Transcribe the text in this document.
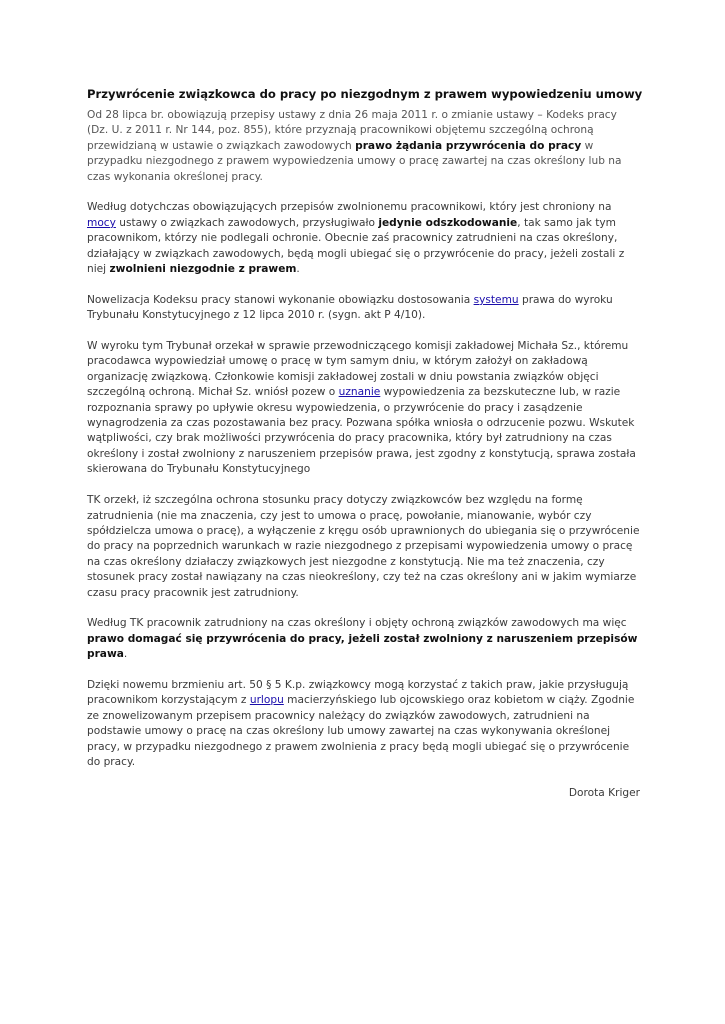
Przywrócenie związkowca do pracy po niezgodnym z prawem wypowiedzeniu umowy

Od 28 lipca br. obowiązują przepisy ustawy z dnia 26 maja 2011 r. o zmianie ustawy – Kodeks pracy (Dz. U. z 2011 r. Nr 144, poz. 855), które przyznają pracownikowi objętemu szczególną ochroną przewidzianą w ustawie o związkach zawodowych prawo żądania przywrócenia do pracy w przypadku niezgodnego z prawem wypowiedzenia umowy o pracę zawartej na czas określony lub na czas wykonania określonej pracy.

Według dotychczas obowiązujących przepisów zwolnionemu pracownikowi, który jest chroniony na mocy ustawy o związkach zawodowych, przysługiwało jedynie odszkodowanie, tak samo jak tym pracownikom, którzy nie podlegali ochronie. Obecnie zaś pracownicy zatrudnieni na czas określony, działający w związkach zawodowych, będą mogli ubiegać się o przywrócenie do pracy, jeżeli zostali z niej zwolnieni niezgodnie z prawem.

Nowelizacja Kodeksu pracy stanowi wykonanie obowiązku dostosowania systemu prawa do wyroku Trybunału Konstytucyjnego z 12 lipca 2010 r. (sygn. akt P 4/10).

W wyroku tym Trybunał orzekał w sprawie przewodniczącego komisji zakładowej Michała Sz., któremu pracodawca wypowiedział umowę o pracę w tym samym dniu, w którym założył on zakładową organizację związkową. Członkowie komisji zakładowej zostali w dniu powstania związków objęci szczególną ochroną. Michał Sz. wniósł pozew o uznanie wypowiedzenia za bezskuteczne lub, w razie rozpoznania sprawy po upływie okresu wypowiedzenia, o przywrócenie do pracy i zasądzenie wynagrodzenia za czas pozostawania bez pracy. Pozwana spółka wniosła o odrzucenie pozwu. Wskutek wątpliwości, czy brak możliwości przywrócenia do pracy pracownika, który był zatrudniony na czas określony i został zwolniony z naruszeniem przepisów prawa, jest zgodny z konstytucją, sprawa została skierowana do Trybunału Konstytucyjnego

TK orzekł, iż szczególna ochrona stosunku pracy dotyczy związkowców bez względu na formę zatrudnienia (nie ma znaczenia, czy jest to umowa o pracę, powołanie, mianowanie, wybór czy spółdzielcza umowa o pracę), a wyłączenie z kręgu osób uprawnionych do ubiegania się o przywrócenie do pracy na poprzednich warunkach w razie niezgodnego z przepisami wypowiedzenia umowy o pracę na czas określony działaczy związkowych jest niezgodne z konstytucją. Nie ma też znaczenia, czy stosunek pracy został nawiązany na czas nieokreślony, czy też na czas określony ani w jakim wymiarze czasu pracy pracownik jest zatrudniony.

Według TK pracownik zatrudniony na czas określony i objęty ochroną związków zawodowych ma więc prawo domagać się przywrócenia do pracy, jeżeli został zwolniony z naruszeniem przepisów prawa.

Dzięki nowemu brzmieniu art. 50 § 5 K.p. związkowcy mogą korzystać z takich praw, jakie przysługują pracownikom korzystającym z urlopu macierzyńskiego lub ojcowskiego oraz kobietom w ciąży. Zgodnie ze znowelizowanym przepisem pracownicy należący do związków zawodowych, zatrudnieni na podstawie umowy o pracę na czas określony lub umowy zawartej na czas wykonywania określonej pracy, w przypadku niezgodnego z prawem zwolnienia z pracy będą mogli ubiegać się o przywrócenie do pracy.

Dorota Kriger
